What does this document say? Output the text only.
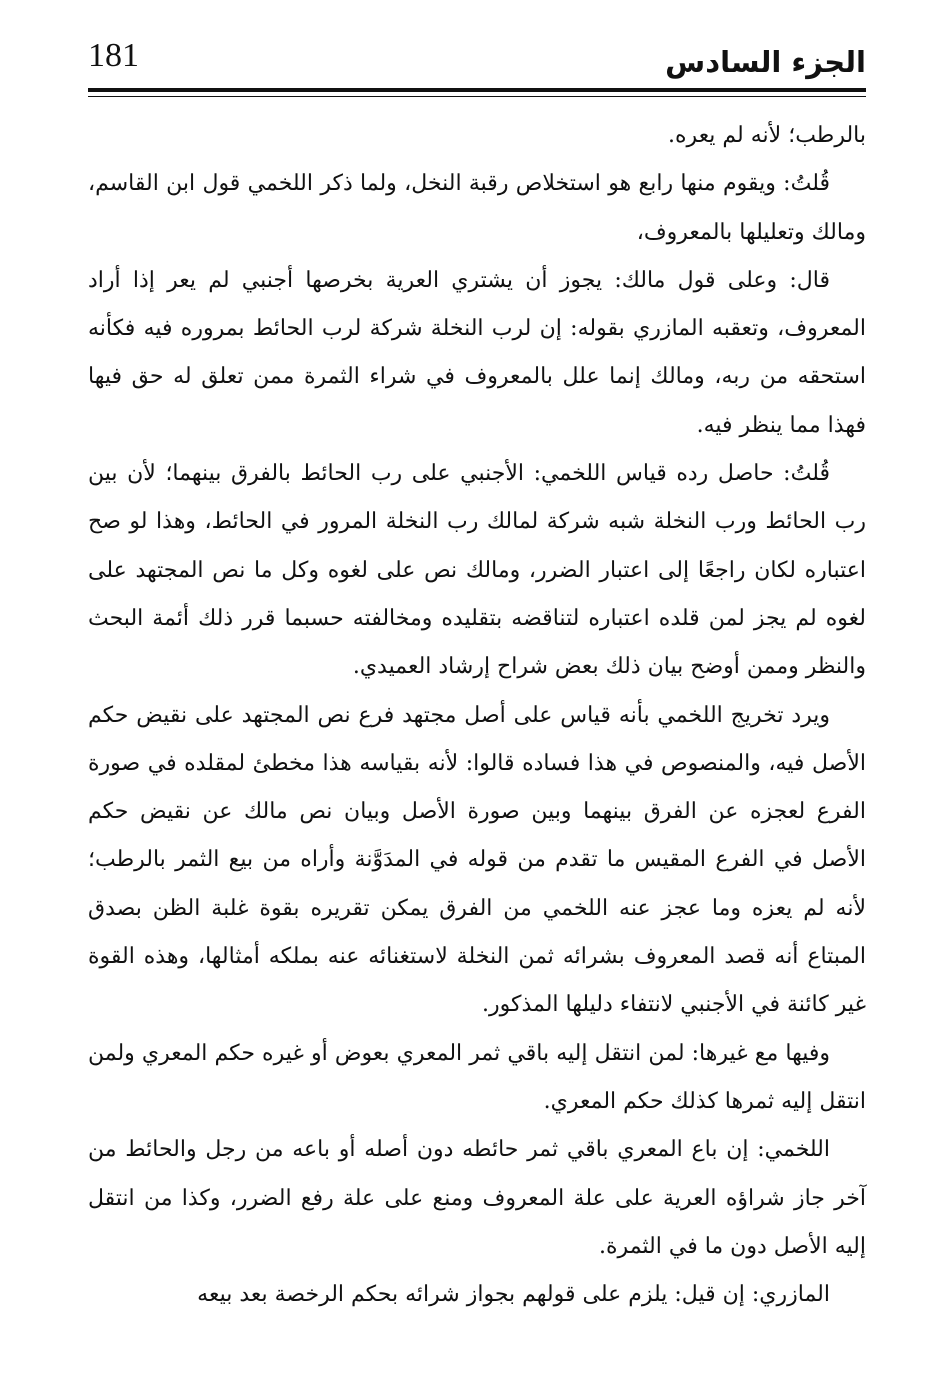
الجزء السادس
181

بالرطب؛ لأنه لم يعره.

قُلتُ: ويقوم منها رابع هو استخلاص رقبة النخل، ولما ذكر اللخمي قول ابن القاسم، ومالك وتعليلها بالمعروف،

قال: وعلى قول مالك: يجوز أن يشتري العرية بخرصها أجنبي لم يعر إذا أراد المعروف، وتعقبه المازري بقوله: إن لرب النخلة شركة لرب الحائط بمروره فيه فكأنه استحقه من ربه، ومالك إنما علل بالمعروف في شراء الثمرة ممن تعلق له حق فيها فهذا مما ينظر فيه.

قُلتُ: حاصل رده قياس اللخمي: الأجنبي على رب الحائط بالفرق بينهما؛ لأن بين رب الحائط ورب النخلة شبه شركة لمالك رب النخلة المرور في الحائط، وهذا لو صح اعتباره لكان راجعًا إلى اعتبار الضرر، ومالك نص على لغوه وكل ما نص المجتهد على لغوه لم يجز لمن قلده اعتباره لتناقضه بتقليده ومخالفته حسبما قرر ذلك أئمة البحث والنظر وممن أوضح بيان ذلك بعض شراح إرشاد العميدي.

ويرد تخريج اللخمي بأنه قياس على أصل مجتهد فرع نص المجتهد على نقيض حكم الأصل فيه، والمنصوص في هذا فساده قالوا: لأنه بقياسه هذا مخطئ لمقلده في صورة الفرع لعجزه عن الفرق بينهما وبين صورة الأصل وبيان نص مالك عن نقيض حكم الأصل في الفرع المقيس ما تقدم من قوله في المدَوَّنة وأراه من بيع الثمر بالرطب؛ لأنه لم يعزه وما عجز عنه اللخمي من الفرق يمكن تقريره بقوة غلبة الظن بصدق المبتاع أنه قصد المعروف بشرائه ثمن النخلة لاستغنائه عنه بملكه أمثالها، وهذه القوة غير كائنة في الأجنبي لانتفاء دليلها المذكور.

وفيها مع غيرها: لمن انتقل إليه باقي ثمر المعري بعوض أو غيره حكم المعري ولمن انتقل إليه ثمرها كذلك حكم المعري.

اللخمي: إن باع المعري باقي ثمر حائطه دون أصله أو باعه من رجل والحائط من آخر جاز شراؤه العرية على علة المعروف ومنع على علة رفع الضرر، وكذا من انتقل إليه الأصل دون ما في الثمرة.

المازري: إن قيل: يلزم على قولهم بجواز شرائه بحكم الرخصة بعد بيعه
